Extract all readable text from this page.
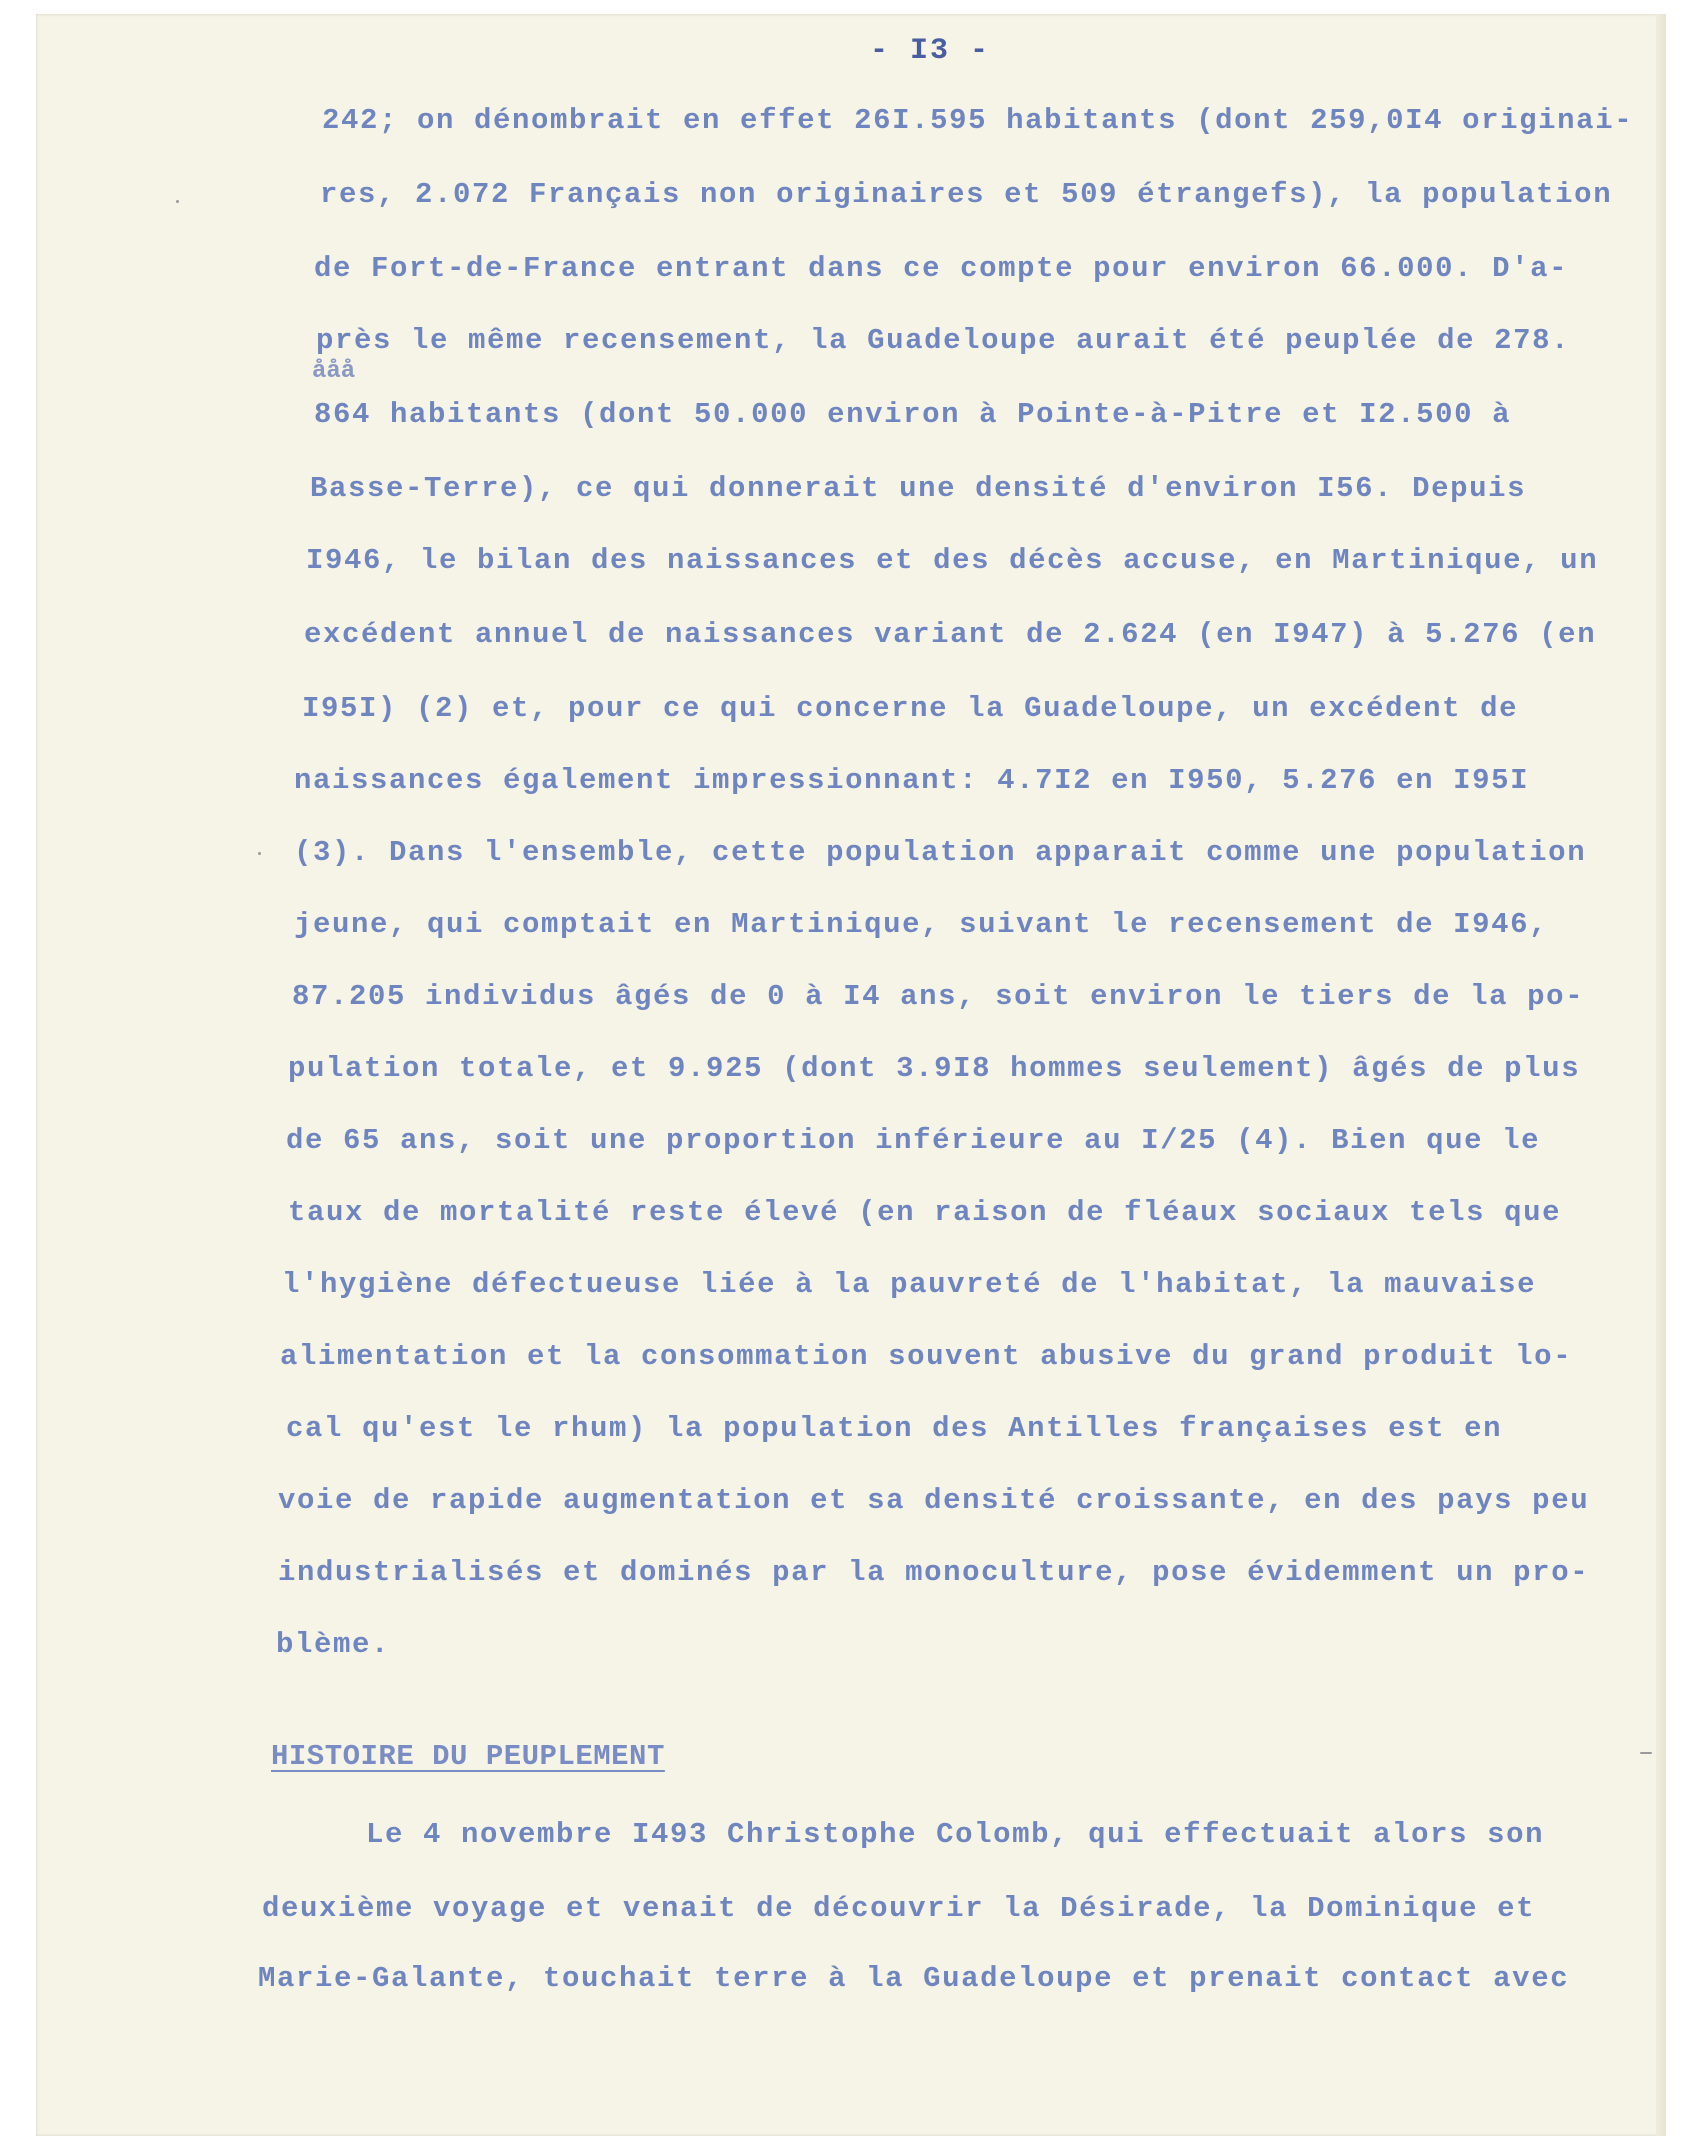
- I3 -
242; on dénombrait en effet 26I.595 habitants (dont 259,0I4 originai-
res, 2.072 Français non originaires et 509 étrangefs), la population
de Fort-de-France entrant dans ce compte pour environ 66.000. D'a-
près le même recensement, la Guadeloupe aurait été peuplée de 278.
ååå
864 habitants (dont 50.000 environ à Pointe-à-Pitre et I2.500 à
Basse-Terre), ce qui donnerait une densité d'environ I56. Depuis
I946, le bilan des naissances et des décès accuse, en Martinique, un
excédent annuel de naissances variant de 2.624 (en I947) à 5.276 (en
I95I) (2) et, pour ce qui concerne la Guadeloupe, un excédent de
naissances également impressionnant: 4.7I2 en I950, 5.276 en I95I
(3). Dans l'ensemble, cette population apparait comme une population
jeune, qui comptait en Martinique, suivant le recensement de I946,
87.205 individus âgés de 0 à I4 ans, soit environ le tiers de la po-
pulation totale, et 9.925 (dont 3.9I8 hommes seulement) âgés de plus
de 65 ans, soit une proportion inférieure au I/25 (4). Bien que le
taux de mortalité reste élevé (en raison de fléaux sociaux tels que
l'hygiène défectueuse liée à la pauvreté de l'habitat, la mauvaise
alimentation et la consommation souvent abusive du grand produit lo-
cal qu'est le rhum) la population des Antilles françaises est en
voie de rapide augmentation et sa densité croissante, en des pays peu
industrialisés et dominés par la monoculture, pose évidemment un pro-
blème.
HISTOIRE DU PEUPLEMENT
Le 4 novembre I493 Christophe Colomb, qui effectuait alors son
deuxième voyage et venait de découvrir la Désirade, la Dominique et
Marie-Galante, touchait terre à la Guadeloupe et prenait contact avec
